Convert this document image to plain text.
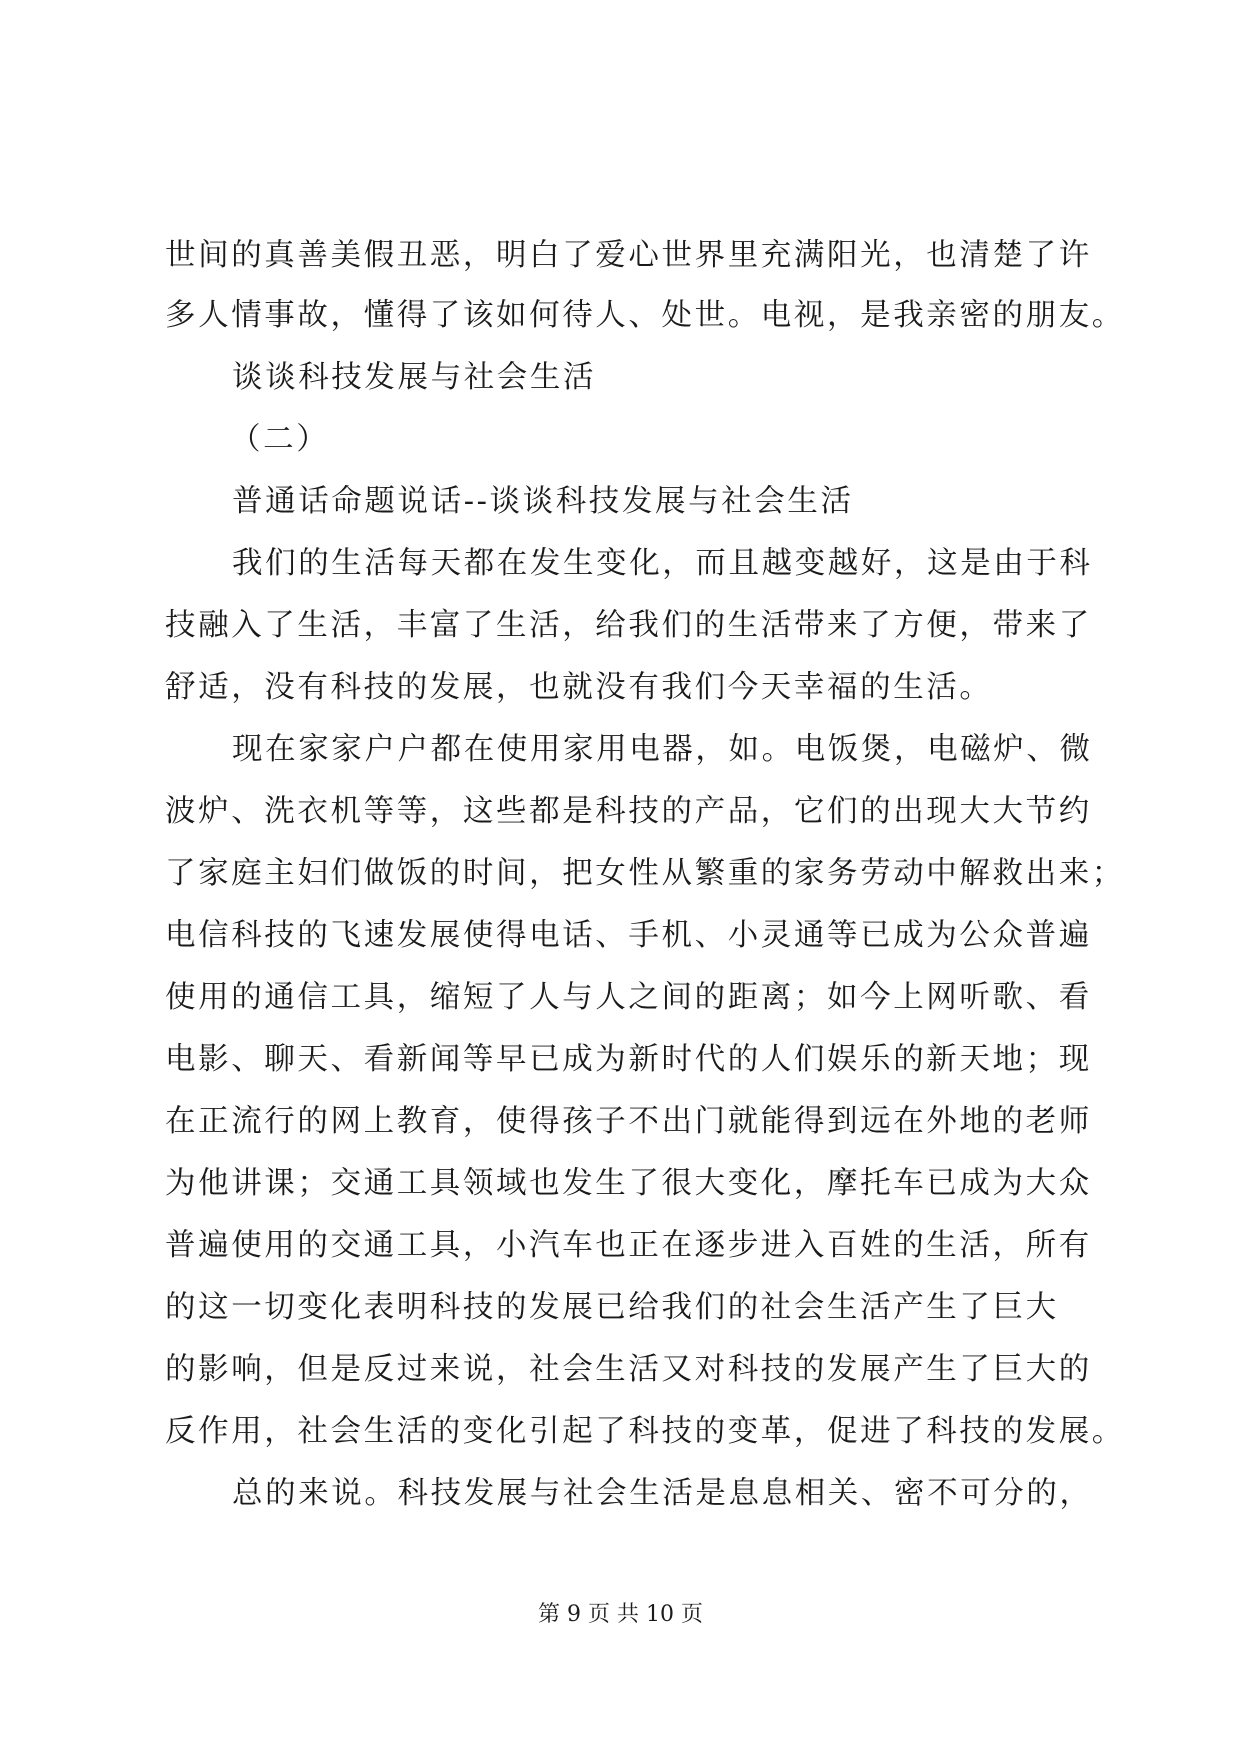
世间的真善美假丑恶，明白了爱心世界里充满阳光，也清楚了许
多人情事故，懂得了该如何待人、处世。电视，是我亲密的朋友。
谈谈科技发展与社会生活
（二）
普通话命题说话--谈谈科技发展与社会生活
我们的生活每天都在发生变化，而且越变越好，这是由于科
技融入了生活，丰富了生活，给我们的生活带来了方便，带来了
舒适，没有科技的发展，也就没有我们今天幸福的生活。
现在家家户户都在使用家用电器，如。电饭煲，电磁炉、微
波炉、洗衣机等等，这些都是科技的产品，它们的出现大大节约
了家庭主妇们做饭的时间，把女性从繁重的家务劳动中解救出来；
电信科技的飞速发展使得电话、手机、小灵通等已成为公众普遍
使用的通信工具，缩短了人与人之间的距离；如今上网听歌、看
电影、聊天、看新闻等早已成为新时代的人们娱乐的新天地；现
在正流行的网上教育，使得孩子不出门就能得到远在外地的老师
为他讲课；交通工具领域也发生了很大变化，摩托车已成为大众
普遍使用的交通工具，小汽车也正在逐步进入百姓的生活，所有
的这一切变化表明科技的发展已给我们的社会生活产生了巨大
的影响，但是反过来说，社会生活又对科技的发展产生了巨大的
反作用，社会生活的变化引起了科技的变革，促进了科技的发展。
总的来说。科技发展与社会生活是息息相关、密不可分的，
第 9 页 共 10 页
